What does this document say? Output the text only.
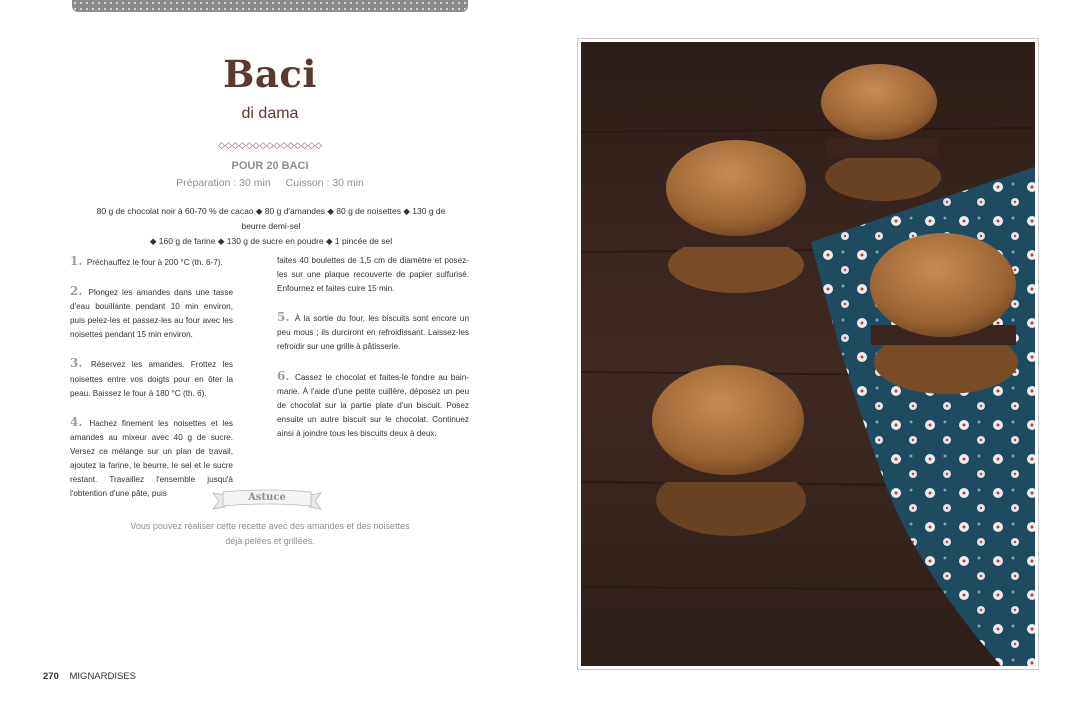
Baci
di dama
◇◇◇◇◇◇◇◇◇◇◇◇◇◇◇
POUR 20 BACI
Préparation : 30 min Cuisson : 30 min
80 g de chocolat noir à 60-70 % de cacao ◆ 80 g d'amandes ◆ 80 g de noisettes ◆ 130 g de beurre demi-sel
◆ 160 g de farine ◆ 130 g de sucre en poudre ◆ 1 pincée de sel
1. Préchauffez le four à 200 °C (th. 6-7).
2. Plongez les amandes dans une tasse d'eau bouillante pendant 10 min environ, puis pelez-les et passez-les au four avec les noisettes pendant 15 min environ.
3. Réservez les amandes. Frottez les noisettes entre vos doigts pour en ôter la peau. Baissez le four à 180 °C (th. 6).
4. Hachez finement les noisettes et les amandes au mixeur avec 40 g de sucre. Versez ce mélange sur un plan de travail, ajoutez la farine, le beurre, le sel et le sucre restant. Travaillez l'ensemble jusqu'à l'obtention d'une pâte, puis
faites 40 boulettes de 1,5 cm de diamètre et posez-les sur une plaque recouverte de papier sulfurisé. Enfournez et faites cuire 15 min.
5. À la sortie du four, les biscuits sont encore un peu mous ; ils durciront en refroidissant. Laissez-les refroidir sur une grille à pâtisserie.
6. Cassez le chocolat et faites-le fondre au bain-marie. À l'aide d'une petite cuillère, déposez un peu de chocolat sur la partie plate d'un biscuit. Posez ensuite un autre biscuit sur le chocolat. Continuez ainsi à joindre tous les biscuits deux à deux.
Astuce
Vous pouvez réaliser cette recette avec des amandes et des noisettes déjà pelées et grillées.
270 MIGNARDISES
